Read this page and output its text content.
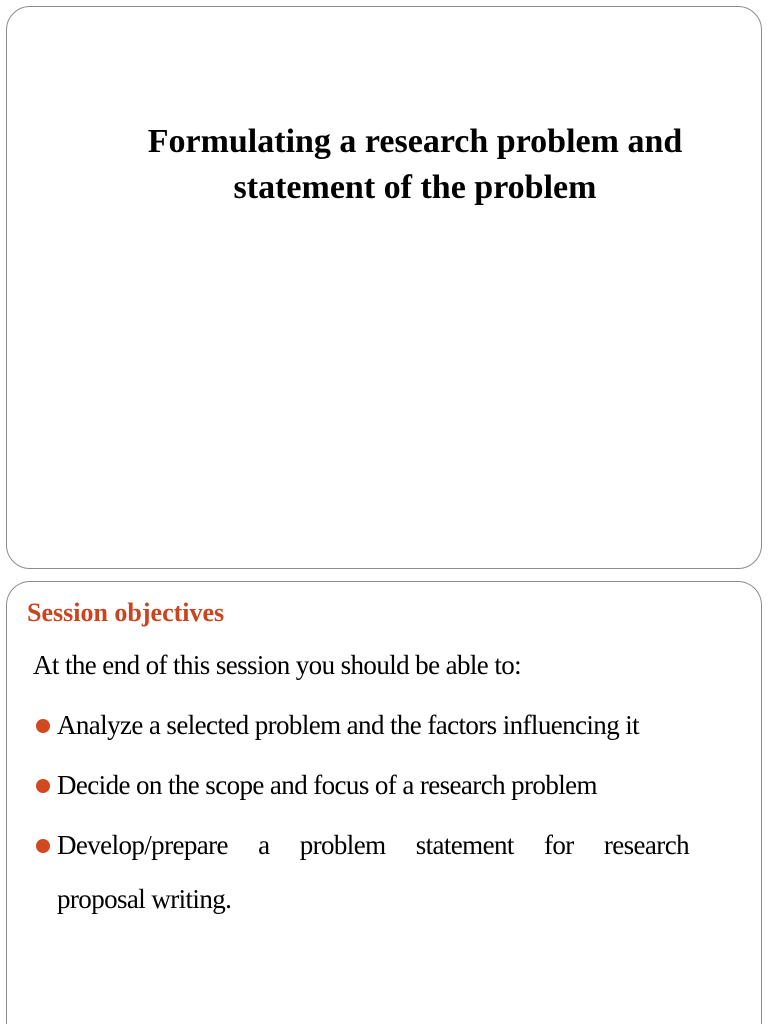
Formulating a research problem and
statement of the problem
Session objectives

At the end of this session you should be able to:

Analyze a selected problem and the factors influencing it
Decide on the scope and focus of a research problem
Develop/prepare a problem statement for research
proposal writing.
